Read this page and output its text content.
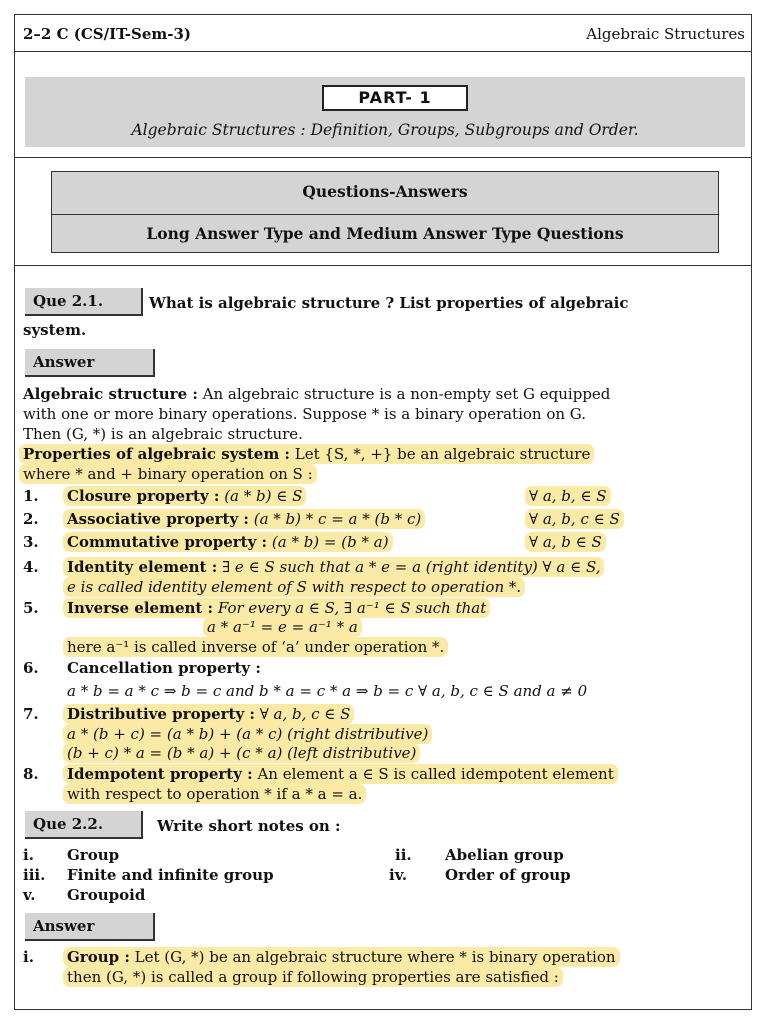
2–2 C (CS/IT-Sem-3)	Algebraic Structures
PART- 1
Algebraic Structures : Definition, Groups, Subgroups and Order.
Questions-Answers
Long Answer Type and Medium Answer Type Questions
Que 2.1.	What is algebraic structure ? List properties of algebraic
system.
Answer
Algebraic structure : An algebraic structure is a non-empty set G equipped
with one or more binary operations. Suppose * is a binary operation on G.
Then (G, *) is an algebraic structure.
Properties of algebraic system : Let {S, *, +} be an algebraic structure
where * and + binary operation on S :
1. Closure property : (a * b) ∈ S	∀ a, b, ∈ S
2. Associative property : (a * b) * c = a * (b * c)	∀ a, b, c ∈ S
3. Commutative property : (a * b) = (b * a)	∀ a, b ∈ S
4. Identity element : ∃ e ∈ S such that a * e = a (right identity) ∀ a ∈ S,
e is called identity element of S with respect to operation *.
5. Inverse element : For every a ∈ S, ∃ a⁻¹ ∈ S such that
a * a⁻¹ = e = a⁻¹ * a
here a⁻¹ is called inverse of ‘a’ under operation *.
6. Cancellation property :
a * b = a * c ⇒ b = c and b * a = c * a ⇒ b = c ∀ a, b, c ∈ S and a ≠ 0
7. Distributive property : ∀ a, b, c ∈ S
a * (b + c) = (a * b) + (a * c) (right distributive)
(b + c) * a = (b * a) + (c * a) (left distributive)
8. Idempotent property : An element a ∈ S is called idempotent element
with respect to operation * if a * a = a.
Que 2.2.	Write short notes on :
i. Group	ii. Abelian group
iii. Finite and infinite group	iv.	Order of group
v. Groupoid
Answer
i. Group : Let (G, *) be an algebraic structure where * is binary operation
then (G, *) is called a group if following properties are satisfied :
